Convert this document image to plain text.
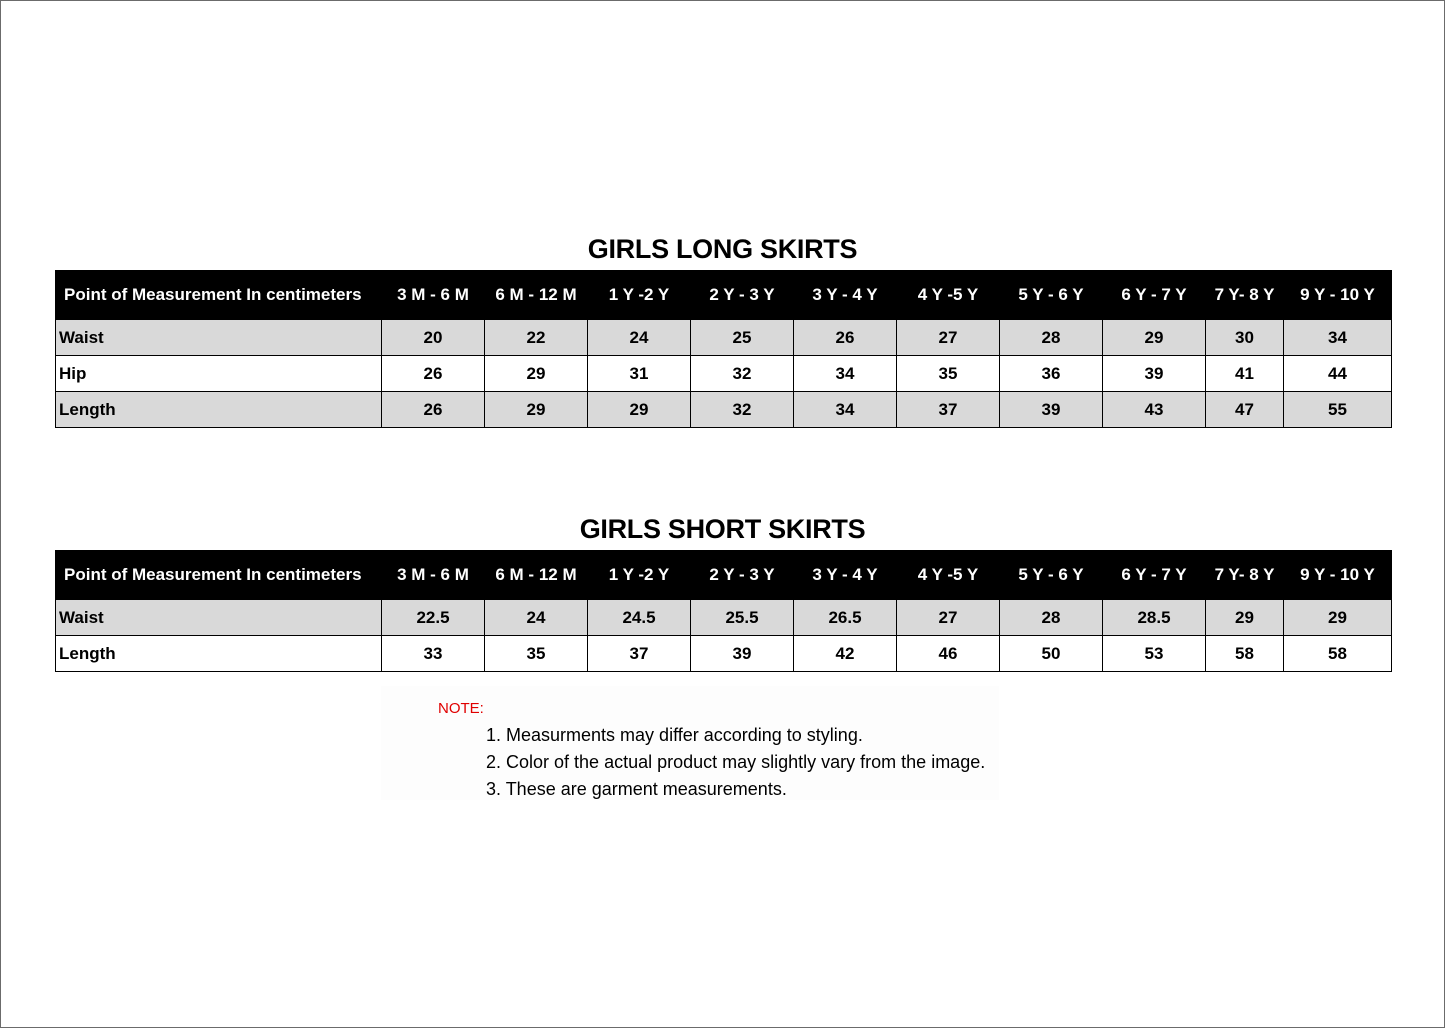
GIRLS LONG SKIRTS
Point of Measurement In centimeters	3 M - 6 M	6 M - 12 M	1 Y -2 Y	2 Y - 3 Y	3 Y - 4 Y	4 Y -5 Y	5 Y - 6 Y	6 Y - 7 Y	7 Y- 8 Y	9 Y - 10 Y
Waist	20	22	24	25	26	27	28	29	30	34
Hip	26	29	31	32	34	35	36	39	41	44
Length	26	29	29	32	34	37	39	43	47	55
GIRLS SHORT SKIRTS
Point of Measurement In centimeters	3 M - 6 M	6 M - 12 M	1 Y -2 Y	2 Y - 3 Y	3 Y - 4 Y	4 Y -5 Y	5 Y - 6 Y	6 Y - 7 Y	7 Y- 8 Y	9 Y - 10 Y
Waist	22.5	24	24.5	25.5	26.5	27	28	28.5	29	29
Length	33	35	37	39	42	46	50	53	58	58
NOTE:
1. Measurments may differ according to styling.
2. Color of the actual product may slightly vary from the image.
3. These are garment measurements.
